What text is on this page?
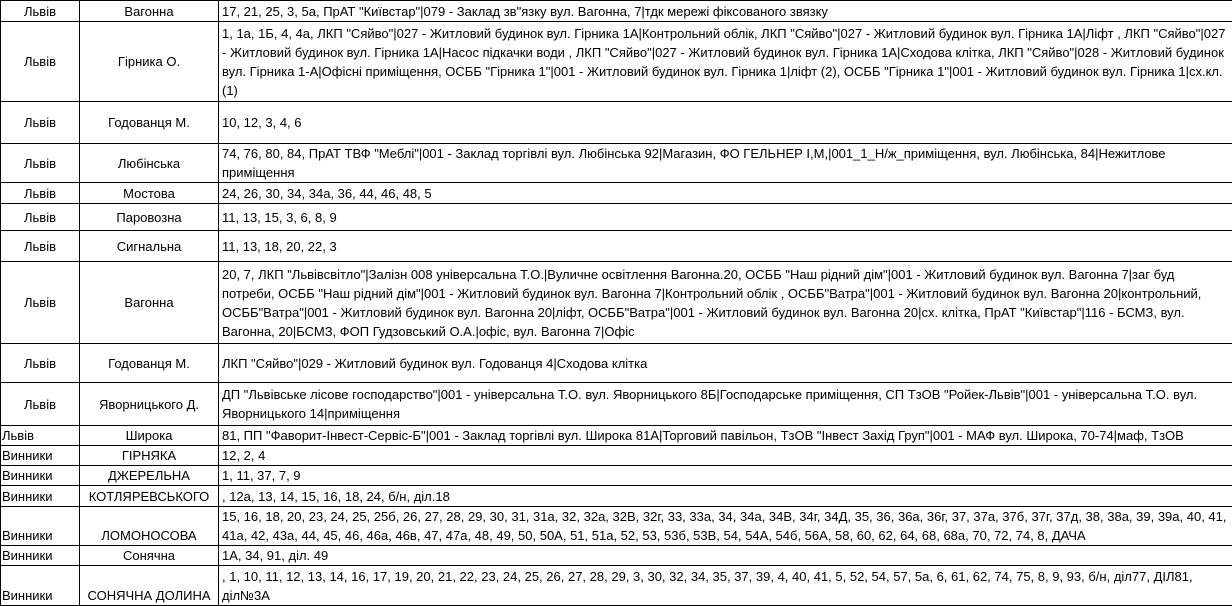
Львів	Вагонна	17, 21, 25, 3, 5а, ПрАТ "Київстар"|079 - Заклад зв"язку вул. Вагонна, 7|тдк мережі фіксованого звязку
Львів	Гірника О.	1, 1а, 1Б, 4, 4а, ЛКП "Сяйво"|027 - Житловий будинок вул. Гірника 1А|Контрольний облік, ЛКП "Сяйво"|027 - Житловий будинок вул. Гірника 1А|Ліфт , ЛКП "Сяйво"|027 - Житловий будинок вул. Гірника 1А|Насос підкачки води , ЛКП "Сяйво"|027 - Житловий будинок вул. Гірника 1А|Сходова клітка, ЛКП "Сяйво"|028 - Житловий будинок вул. Гірника 1-А|Офісні приміщення, ОСББ "Гірника 1"|001 - Житловий будинок вул. Гірника 1|ліфт (2), ОСББ "Гірника 1"|001 - Житловий будинок вул. Гірника 1|сх.кл. (1)
Львів	Годованця М.	10, 12, 3, 4, 6
Львів	Любінська	74, 76, 80, 84, ПрАТ ТВФ "Меблі"|001 - Заклад торгівлі вул. Любінська 92|Магазин, ФО ГЕЛЬНЕР І,М,|001_1_Н/ж_приміщення, вул. Любінська, 84|Нежитлове приміщення
Львів	Мостова	24, 26, 30, 34, 34а, 36, 44, 46, 48, 5
Львів	Паровозна	11, 13, 15, 3, 6, 8, 9
Львів	Сигнальна	11, 13, 18, 20, 22, 3
Львів	Вагонна	20, 7, ЛКП "Львівсвітло"|Залізн 008 універсальна Т.О.|Вуличне освітлення Вагонна.20, ОСББ "Наш рідний дім"|001 - Житловий будинок вул. Вагонна 7|заг буд потреби, ОСББ "Наш рідний дім"|001 - Житловий будинок вул. Вагонна 7|Контрольний облік , ОСББ"Ватра"|001 - Житловий будинок вул. Вагонна 20|контрольний, ОСББ"Ватра"|001 - Житловий будинок вул. Вагонна 20|ліфт, ОСББ"Ватра"|001 - Житловий будинок вул. Вагонна 20|сх. клітка, ПрАТ "Київстар"|116 - БСМЗ, вул. Вагонна, 20|БСМЗ, ФОП Гудзовський О.А.|офіс, вул. Вагонна 7|Офіс
Львів	Годованця М.	ЛКП "Сяйво"|029 - Житловий будинок вул. Годованця 4|Сходова клітка
Львів	Яворницького Д.	ДП "Львівське лісове господарство"|001 - універсальна Т.О. вул. Яворницького 8Б|Господарське приміщення, СП ТзОВ "Ройек-Львів"|001 - універсальна Т.О. вул. Яворницького 14|приміщення
Львів	Широка	81, ПП "Фаворит-Інвест-Сервіс-Б"|001 - Заклад торгівлі вул. Широка 81А|Торговий павільон, ТзОВ "Інвест Захід Груп"|001 - МАФ вул. Широка, 70-74|маф, ТзОВ
Винники	ГІРНЯКА	12, 2, 4
Винники	ДЖЕРЕЛЬНА	1, 11, 37, 7, 9
Винники	КОТЛЯРЕВСЬКОГО	, 12а, 13, 14, 15, 16, 18, 24, б/н, діл.18
Винники	ЛОМОНОСОВА	15, 16, 18, 20, 23, 24, 25, 25б, 26, 27, 28, 29, 30, 31, 31а, 32, 32а, 32В, 32г, 33, 33а, 34, 34а, 34В, 34г, 34Д, 35, 36, 36а, 36г, 37, 37а, 37б, 37г, 37д, 38, 38а, 39, 39а, 40, 41, 41а, 42, 43а, 44, 45, 46, 46а, 46в, 47, 47а, 48, 49, 50, 50А, 51, 51а, 52, 53, 53б, 53В, 54, 54А, 54б, 56А, 58, 60, 62, 64, 68, 68а, 70, 72, 74, 8, ДАЧА
Винники	Сонячна	1А, 34, 91, діл. 49
Винники	СОНЯЧНА ДОЛИНА	, 1, 10, 11, 12, 13, 14, 16, 17, 19, 20, 21, 22, 23, 24, 25, 26, 27, 28, 29, 3, 30, 32, 34, 35, 37, 39, 4, 40, 41, 5, 52, 54, 57, 5а, 6, 61, 62, 74, 75, 8, 9, 93, б/н, діл77, ДІЛ81, діл№3А
